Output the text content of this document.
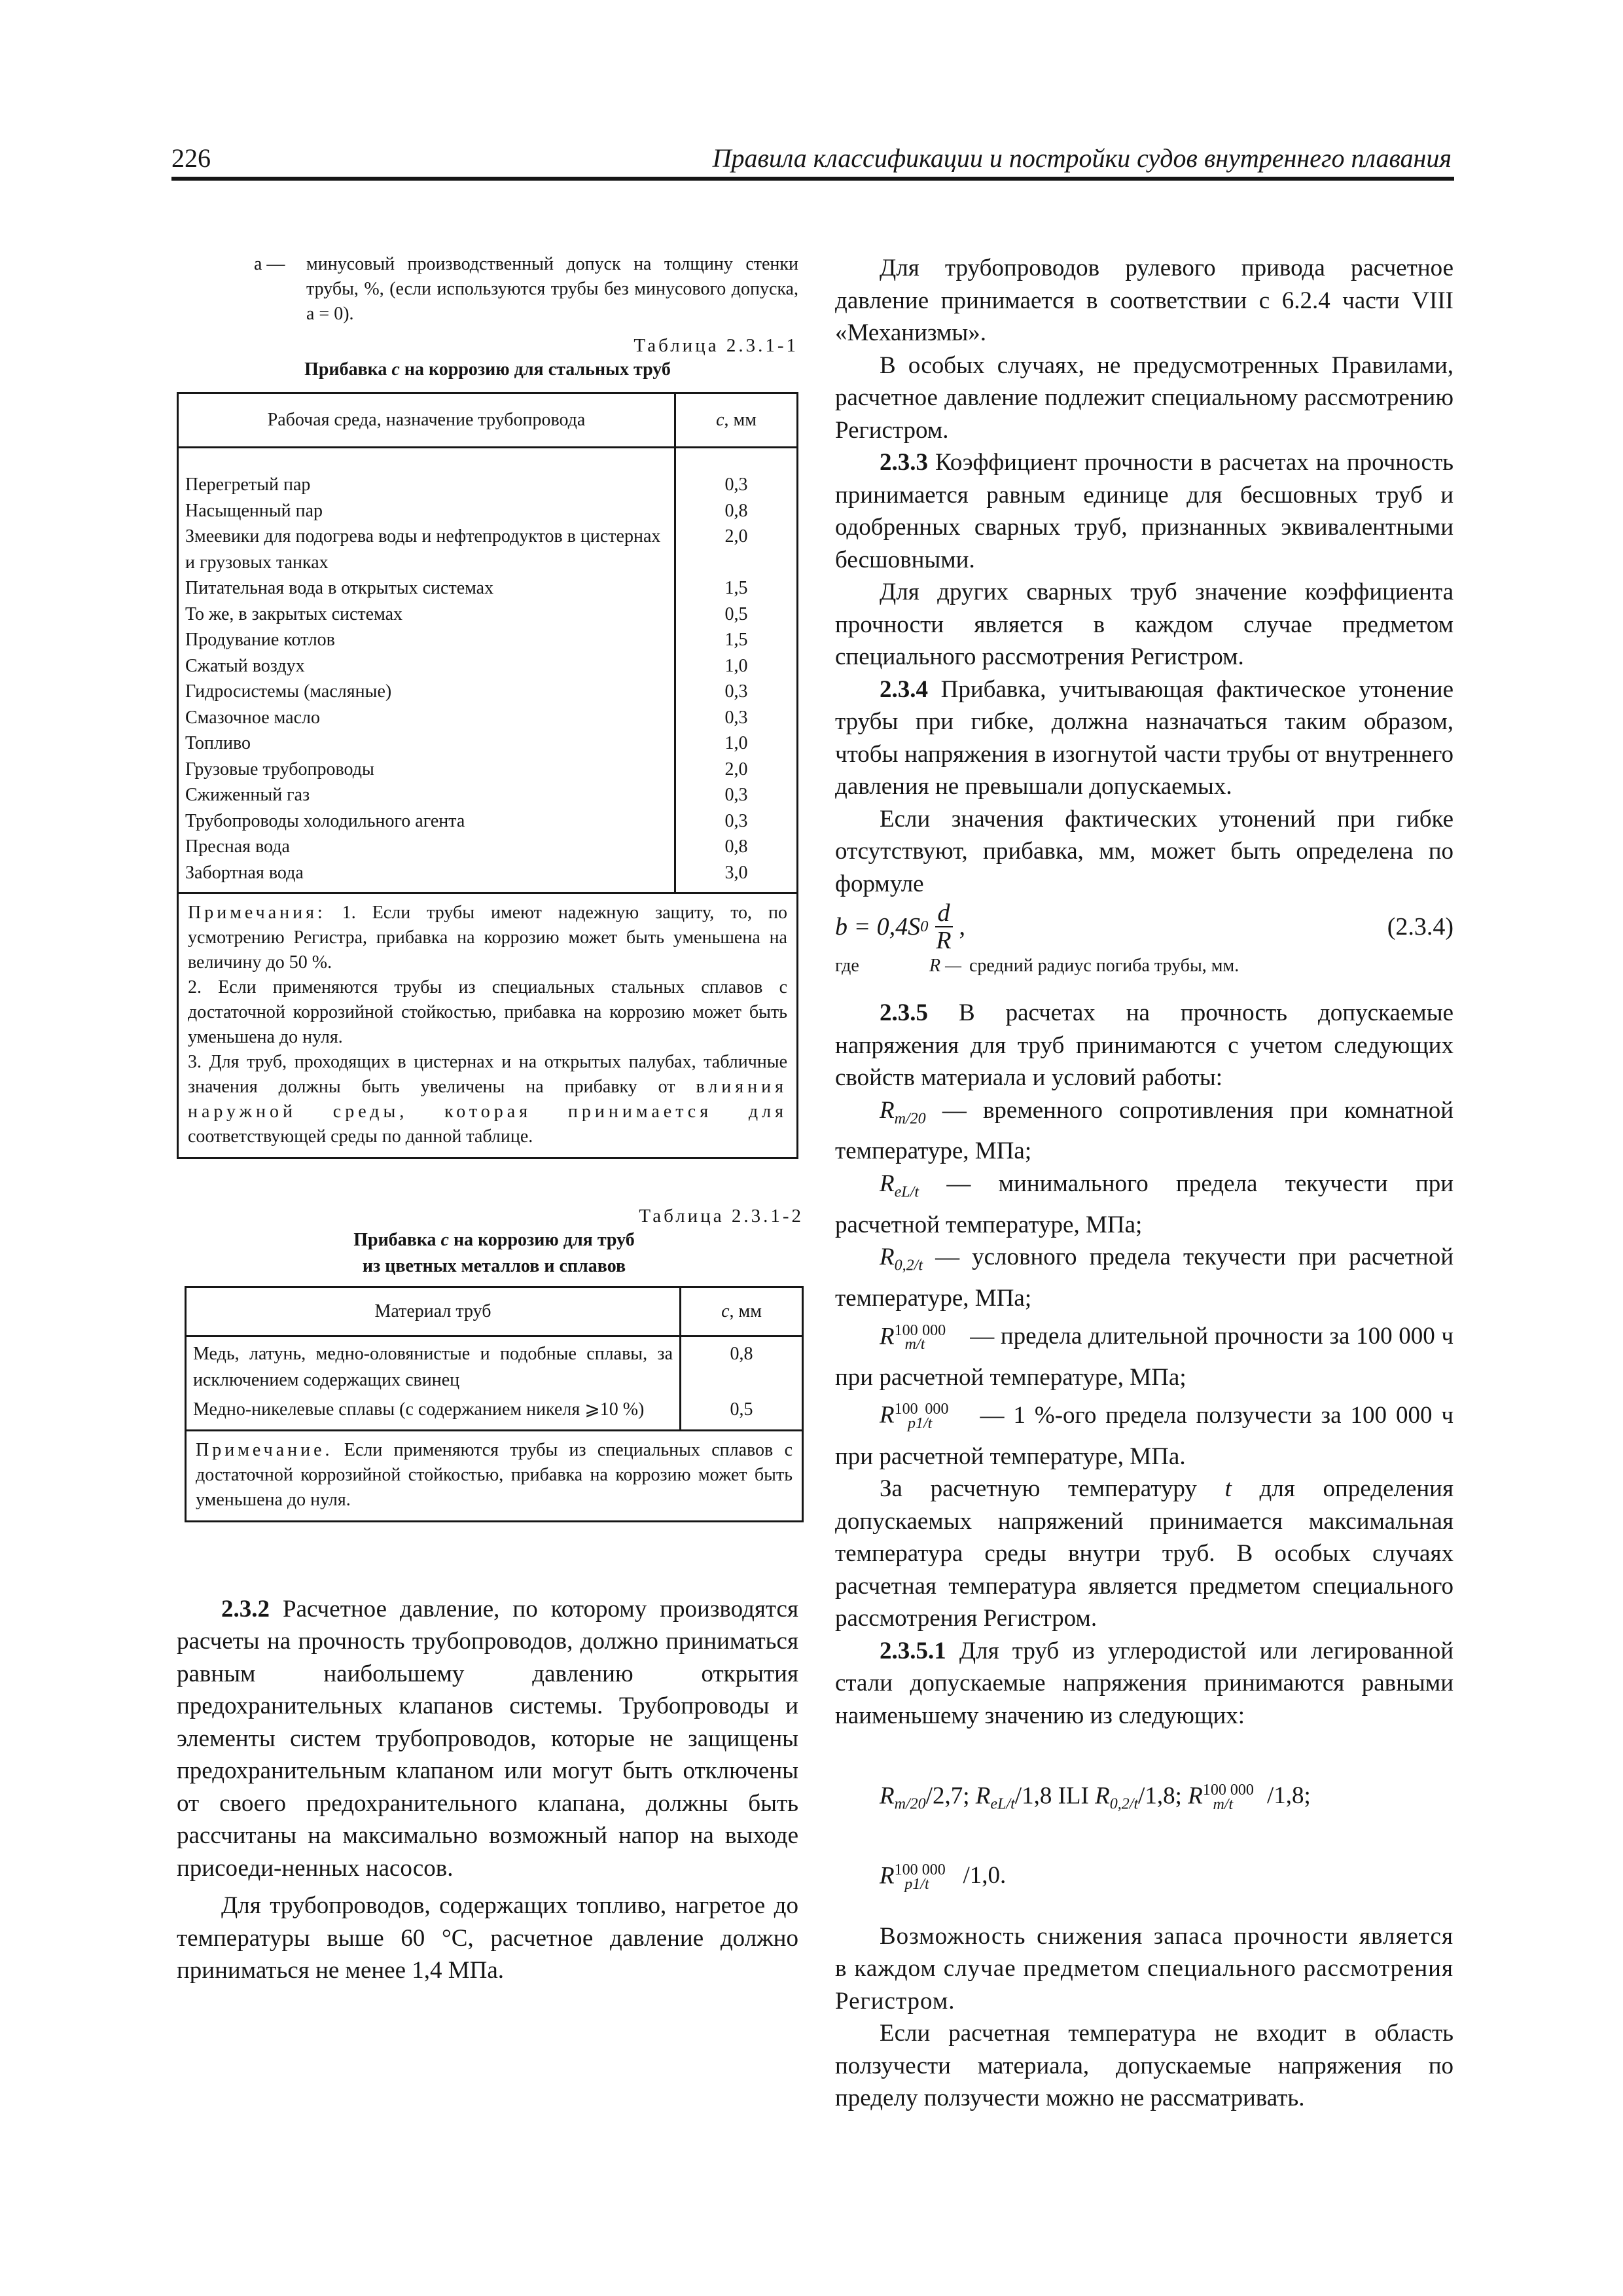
226	Правила классификации и постройки судов внутреннего плавания
a —	минусовый производственный допуск на толщину стенки трубы, %, (если используются трубы без минусового допуска, a = 0).
Таблица 2.3.1-1
Прибавка c на коррозию для стальных труб
Рабочая среда, назначение трубопровода	c, мм

Перегретый пар	0,3
Насыщенный пар	0,8
Змеевики для подогрева воды и нефтепродуктов в цистернах и грузовых танках	2,0
Питательная вода в открытых системах	1,5
То же, в закрытых системах	0,5
Продувание котлов	1,5
Сжатый воздух	1,0
Гидросистемы (масляные)	0,3
Смазочное масло	0,3
Топливо	1,0
Грузовые трубопроводы	2,0
Сжиженный газ	0,3
Трубопроводы холодильного агента	0,3
Пресная вода	0,8
Забортная вода	3,0
Примечания: 1. Если трубы имеют надежную защиту, то, по усмотрению Регистра, прибавка на коррозию может быть уменьшена на величину до 50 %.
2. Если применяются трубы из специальных стальных сплавов с достаточной коррозийной стойкостью, прибавка на коррозию может быть уменьшена до нуля.
3. Для труб, проходящих в цистернах и на открытых палубах, табличные значения должны быть увеличены на прибавку от влияния наружной среды, которая принимается для соответствующей среды по данной таблице.
Таблица 2.3.1-2
Прибавка c на коррозию для труб
из цветных металлов и сплавов
Материал труб	c, мм
Медь, латунь, медно-оловянистые и подобные сплавы, за исключением содержащих свинец	0,8
Медно-никелевые сплавы (с содержанием никеля ⩾10 %)	0,5
Примечание. Если применяются трубы из специальных сплавов с достаточной коррозийной стойкостью, прибавка на коррозию может быть уменьшена до нуля.

2.3.2 Расчетное давление, по которому производятся расчеты на прочность трубопроводов, должно приниматься равным наибольшему давлению открытия предохранительных клапанов системы. Трубопроводы и элементы систем трубопроводов, которые не защищены предохранительным клапаном или могут быть отключены от своего предохранительного клапана, должны быть рассчитаны на максимально возможный напор на выходе присоеди-ненных насосов.

Для трубопроводов, содержащих топливо, нагретое до температуры выше 60 °C, расчетное давление должно приниматься не менее 1,4 МПа.

Для трубопроводов рулевого привода расчетное давление принимается в соответствии с 6.2.4 части VIII «Механизмы».

В особых случаях, не предусмотренных Правилами, расчетное давление подлежит специальному рассмотрению Регистром.

2.3.3 Коэффициент прочности в расчетах на прочность принимается равным единице для бесшовных труб и одобренных сварных труб, признанных эквивалентными бесшовными.

Для других сварных труб значение коэффициента прочности является в каждом случае предметом специального рассмотрения Регистром.

2.3.4 Прибавка, учитывающая фактическое утонение трубы при гибке, должна назначаться таким образом, чтобы напряжения в изогнутой части трубы от внутреннего давления не превышали допускаемых.

Если значения фактических утонений при гибке отсутствуют, прибавка, мм, может быть определена по формуле

b = 0,4S $0 \frac{d}{R}$ ,	(2.3.4)
где	R — средний радиус погиба трубы, мм.

2.3.5 В расчетах на прочность допускаемые напряжения для труб принимаются с учетом следующих свойств материала и условий работы:

$R_{m/20}$ — временного сопротивления при комнатной температуре, МПа;

$R_{eL/t}$ — минимального предела текучести при расчетной температуре, МПа;

$R_{0,2/t}$ — условного предела текучести при расчетной температуре, МПа;

$R^{100 000}_{m/t}$ — предела длительной прочности за 100 000 ч при расчетной температуре, МПа;

$R^{100 000}_{p1/t}$ — 1 %-ого предела ползучести за 100 000 ч при расчетной температуре, МПа.

За расчетную температуру t для определения допускаемых напряжений принимается максимальная температура среды внутри труб. В особых случаях расчетная температура является предметом специального рассмотрения Регистром.

2.3.5.1 Для труб из углеродистой или легированной стали допускаемые напряжения принимаются равными наименьшему значению из следующих:

$R_{m/20}/2,7$; $R_{eL/t}/1,8$ ILI $R_{0,2/t}/1,8$; $R^{100 000}_{m/t}$ /1,8;

$R^{100 000}_{p1/t}$ /1,0.

Возможность снижения запаса прочности является в каждом случае предметом специального рассмотрения Регистром.

Если расчетная температура не входит в область ползучести материала, допускаемые напряжения по пределу ползучести можно не рассматривать.
